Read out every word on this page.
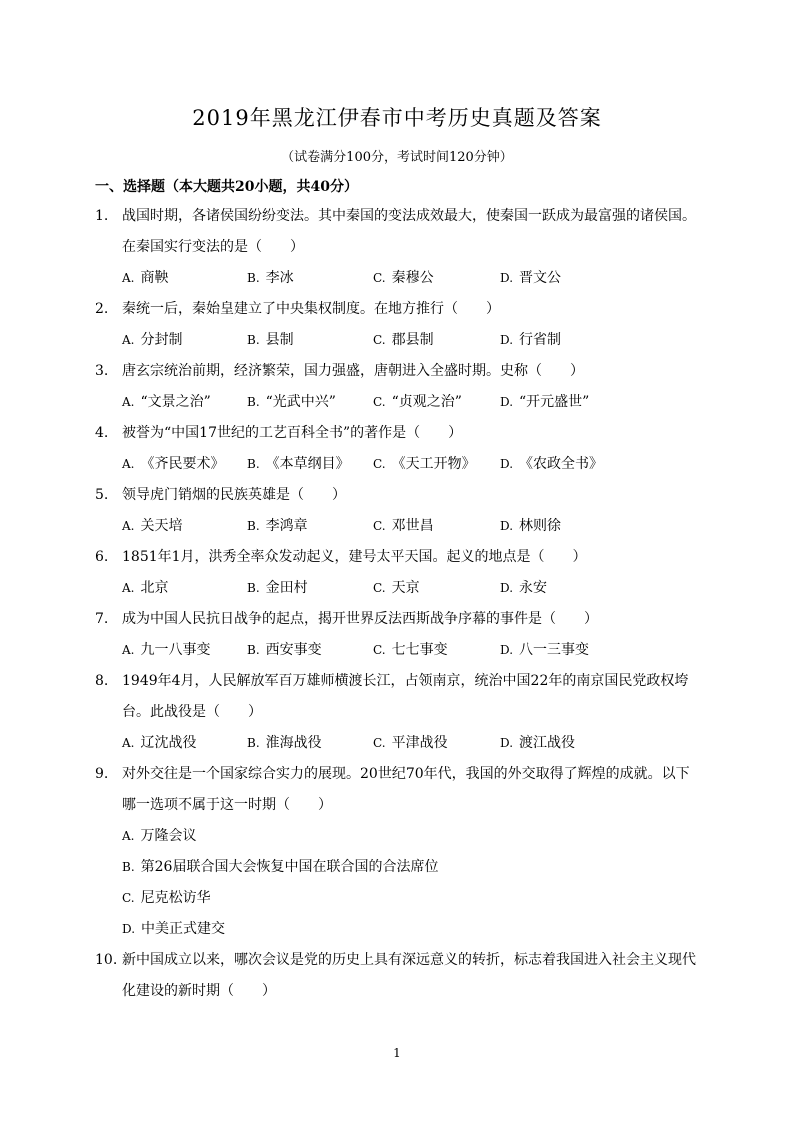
2019年黑龙江伊春市中考历史真题及答案
（试卷满分100分，考试时间120分钟）
一、选择题（本大题共20小题，共40分）
1. 战国时期，各诸侯国纷纷变法。其中秦国的变法成效最大，使秦国一跃成为最富强的诸侯国。
在秦国实行变法的是（　　）
A. 商鞅	B. 李冰	C. 秦穆公	D. 晋文公
2. 秦统一后，秦始皇建立了中央集权制度。在地方推行（　　）
A. 分封制	B. 县制	C. 郡县制	D. 行省制
3. 唐玄宗统治前期，经济繁荣，国力强盛，唐朝进入全盛时期。史称（　　）
A. “文景之治”	B. “光武中兴”	C. “贞观之治”	D. “开元盛世”
4. 被誉为“中国17世纪的工艺百科全书”的著作是（　　）
A. 《齐民要术》 B. 《本草纲目》 C. 《天工开物》 D. 《农政全书》
5. 领导虎门销烟的民族英雄是（　　）
A. 关天培	B. 李鸿章	C. 邓世昌	D. 林则徐
6. 1851年1月，洪秀全率众发动起义，建号太平天国。起义的地点是（　　）
A. 北京	B. 金田村	C. 天京	D. 永安
7. 成为中国人民抗日战争的起点，揭开世界反法西斯战争序幕的事件是（　　）
A. 九一八事变	B. 西安事变	C. 七七事变	D. 八一三事变
8. 1949年4月，人民解放军百万雄师横渡长江，占领南京，统治中国22年的南京国民党政权垮
台。此战役是（　　）
A. 辽沈战役	B. 淮海战役	C. 平津战役	D. 渡江战役
9. 对外交往是一个国家综合实力的展现。20世纪70年代，我国的外交取得了辉煌的成就。以下
哪一选项不属于这一时期（　　）
A. 万隆会议
B. 第26届联合国大会恢复中国在联合国的合法席位
C. 尼克松访华
D. 中美正式建交
10. 新中国成立以来，哪次会议是党的历史上具有深远意义的转折，标志着我国进入社会主义现代
化建设的新时期（　　）
1
